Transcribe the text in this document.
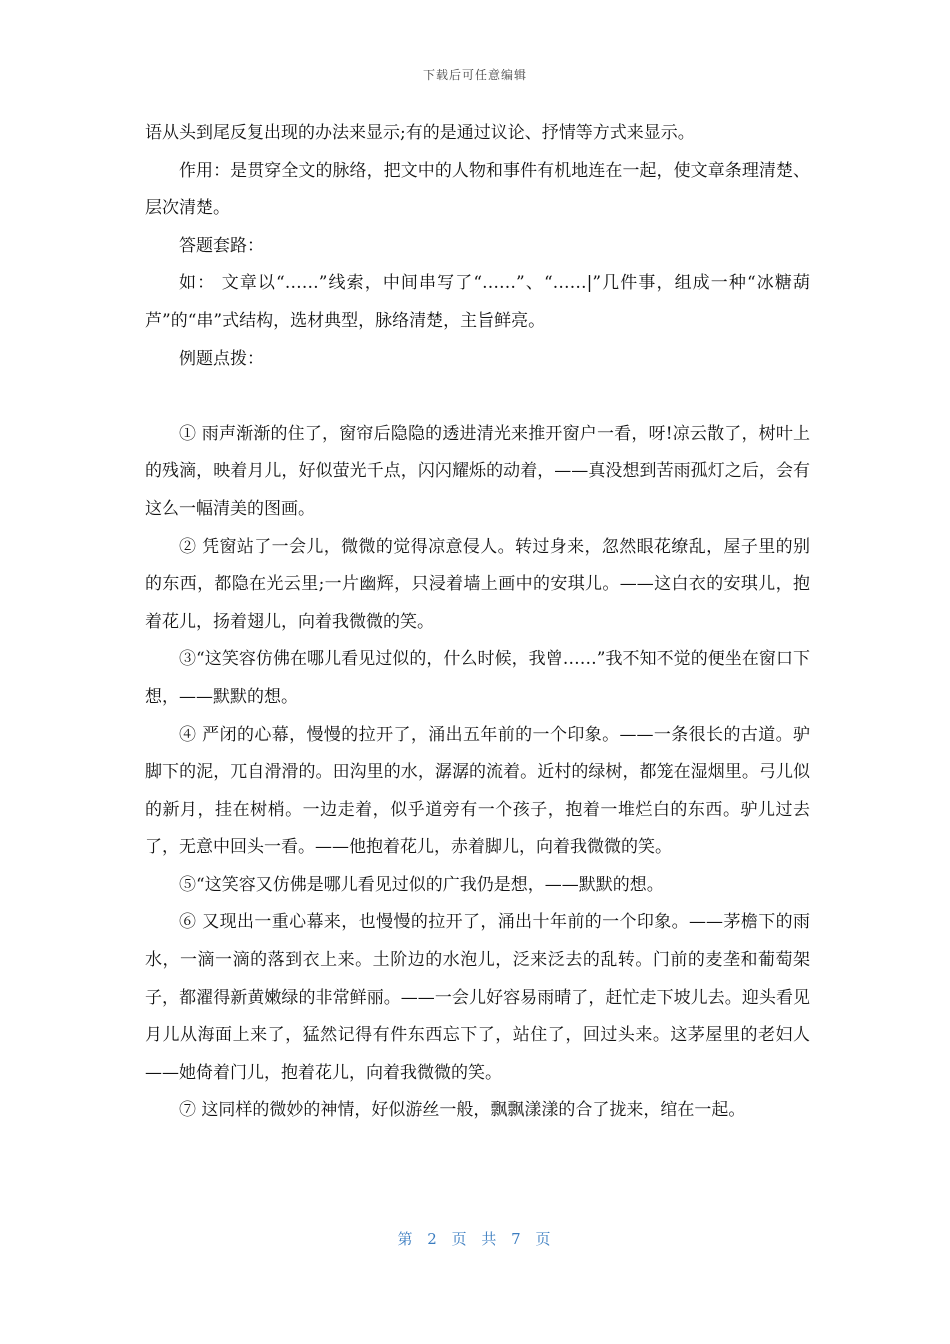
下载后可任意编辑

语从头到尾反复出现的办法来显示;有的是通过议论、抒情等方式来显示。

作用：是贯穿全文的脉络，把文中的人物和事件有机地连在一起，使文章条理清楚、层次清楚。

答题套路：

如： 文章以“……”线索，中间串写了“……”、“……|”几件事，组成一种“冰糖葫芦”的“串”式结构，选材典型，脉络清楚，主旨鲜亮。

例题点拨：

① 雨声渐渐的住了，窗帘后隐隐的透进清光来推开窗户一看，呀!凉云散了，树叶上的残滴，映着月儿，好似萤光千点，闪闪耀烁的动着，——真没想到苦雨孤灯之后，会有这么一幅清美的图画。

② 凭窗站了一会儿，微微的觉得凉意侵人。转过身来，忽然眼花缭乱，屋子里的别的东西，都隐在光云里;一片幽辉，只浸着墙上画中的安琪儿。——这白衣的安琪儿，抱着花儿，扬着翅儿，向着我微微的笑。

③“这笑容仿佛在哪儿看见过似的，什么时候，我曾……”我不知不觉的便坐在窗口下想，——默默的想。

④ 严闭的心幕，慢慢的拉开了，涌出五年前的一个印象。——一条很长的古道。驴脚下的泥，兀自滑滑的。田沟里的水，潺潺的流着。近村的绿树，都笼在湿烟里。弓儿似的新月，挂在树梢。一边走着，似乎道旁有一个孩子，抱着一堆烂白的东西。驴儿过去了，无意中回头一看。——他抱着花儿，赤着脚儿，向着我微微的笑。

⑤“这笑容又仿佛是哪儿看见过似的广我仍是想，——默默的想。

⑥ 又现出一重心幕来，也慢慢的拉开了，涌出十年前的一个印象。——茅檐下的雨水，一滴一滴的落到衣上来。土阶边的水泡儿，泛来泛去的乱转。门前的麦垄和葡萄架子，都濯得新黄嫩绿的非常鲜丽。——一会儿好容易雨晴了，赶忙走下坡儿去。迎头看见月儿从海面上来了，猛然记得有件东西忘下了，站住了，回过头来。这茅屋里的老妇人——她倚着门儿，抱着花儿，向着我微微的笑。

⑦ 这同样的微妙的神情，好似游丝一般，飘飘漾漾的合了拢来，绾在一起。

第 2 页 共 7 页
